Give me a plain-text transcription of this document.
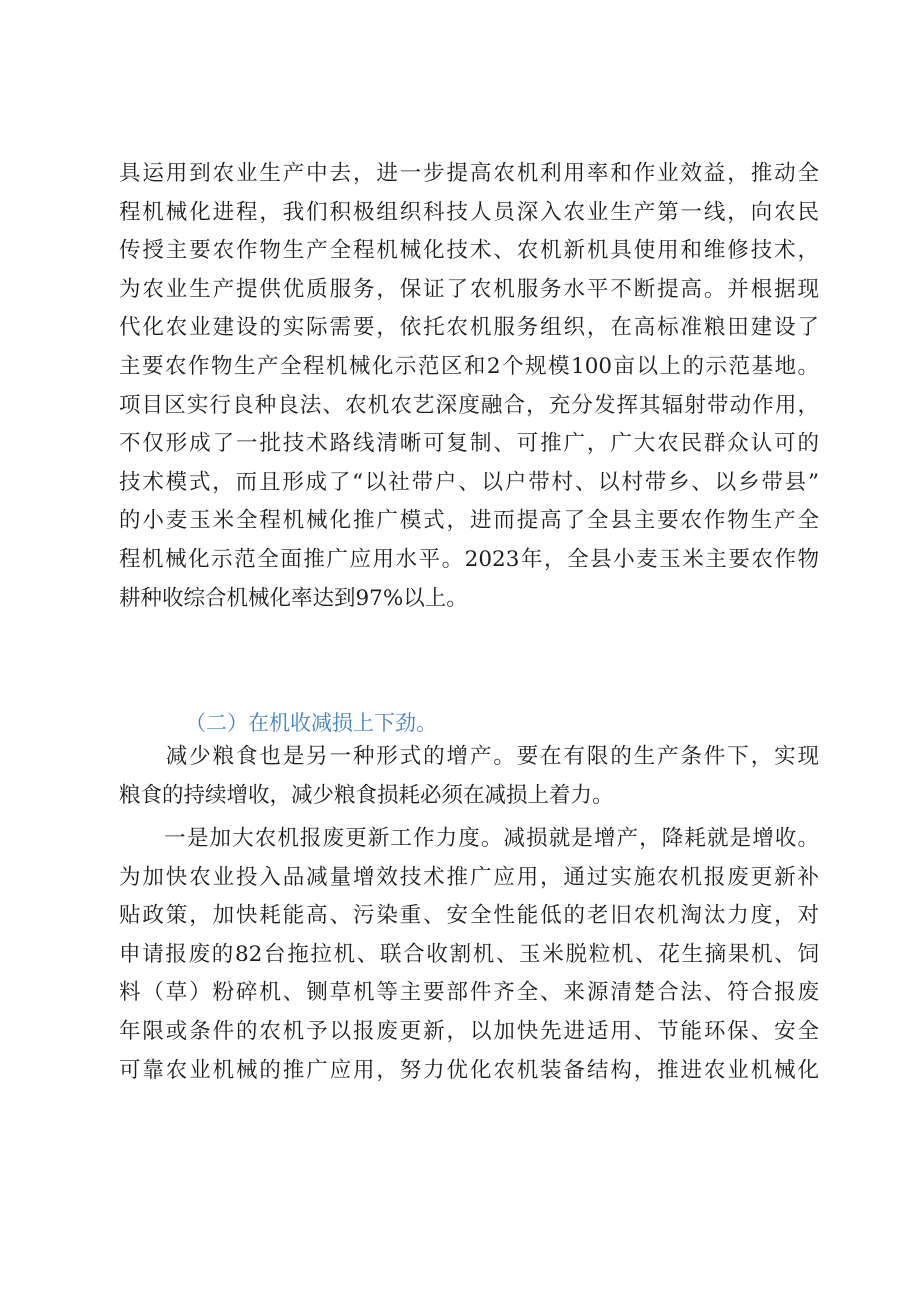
具运用到农业生产中去，进一步提高农机利用率和作业效益，推动全
程机械化进程，我们积极组织科技人员深入农业生产第一线，向农民
传授主要农作物生产全程机械化技术、农机新机具使用和维修技术，
为农业生产提供优质服务，保证了农机服务水平不断提高。并根据现
代化农业建设的实际需要，依托农机服务组织，在高标准粮田建设了
主要农作物生产全程机械化示范区和2个规模100亩以上的示范基地。
项目区实行良种良法、农机农艺深度融合，充分发挥其辐射带动作用，
不仅形成了一批技术路线清晰可复制、可推广，广大农民群众认可的
技术模式，而且形成了“以社带户、以户带村、以村带乡、以乡带县”
的小麦玉米全程机械化推广模式，进而提高了全县主要农作物生产全
程机械化示范全面推广应用水平。2023年，全县小麦玉米主要农作物
耕种收综合机械化率达到97%以上。
（二）在机收减损上下劲。
　　减少粮食也是另一种形式的增产。要在有限的生产条件下，实现
粮食的持续增收，减少粮食损耗必须在减损上着力。
　　一是加大农机报废更新工作力度。减损就是增产，降耗就是增收。
为加快农业投入品减量增效技术推广应用，通过实施农机报废更新补
贴政策，加快耗能高、污染重、安全性能低的老旧农机淘汰力度，对
申请报废的82台拖拉机、联合收割机、玉米脱粒机、花生摘果机、饲
料（草）粉碎机、铡草机等主要部件齐全、来源清楚合法、符合报废
年限或条件的农机予以报废更新，以加快先进适用、节能环保、安全
可靠农业机械的推广应用，努力优化农机装备结构，推进农业机械化
